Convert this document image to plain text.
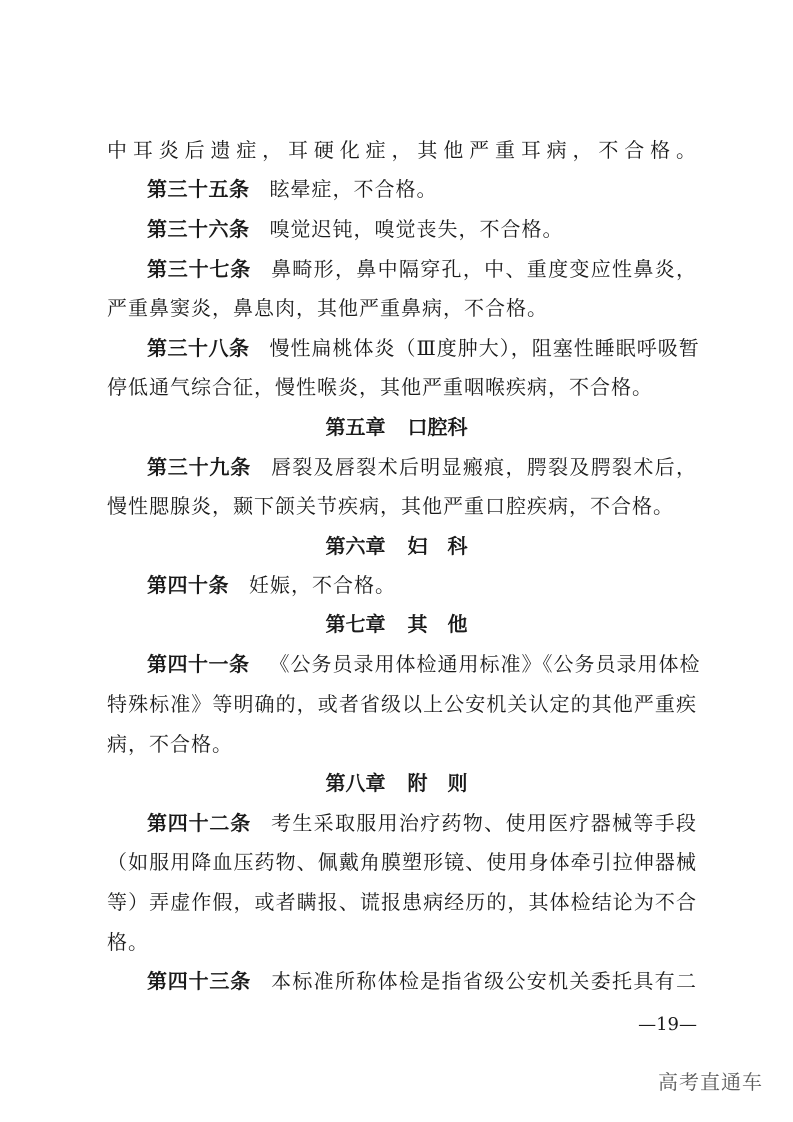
中耳炎后遗症，耳硬化症，其他严重耳病，不合格。
第三十五条 眩晕症，不合格。
第三十六条 嗅觉迟钝，嗅觉丧失，不合格。
第三十七条 鼻畸形，鼻中隔穿孔，中、重度变应性鼻炎，
严重鼻窦炎，鼻息肉，其他严重鼻病，不合格。
第三十八条 慢性扁桃体炎（Ⅲ度肿大），阻塞性睡眠呼吸暂
停低通气综合征，慢性喉炎，其他严重咽喉疾病，不合格。
第五章 口腔科
第三十九条 唇裂及唇裂术后明显瘢痕，腭裂及腭裂术后，
慢性腮腺炎，颞下颌关节疾病，其他严重口腔疾病，不合格。
第六章 妇　科
第四十条 妊娠，不合格。
第七章 其　他
第四十一条 《公务员录用体检通用标准》《公务员录用体检
特殊标准》等明确的，或者省级以上公安机关认定的其他严重疾
病，不合格。
第八章 附　则
第四十二条 考生采取服用治疗药物、使用医疗器械等手段
（如服用降血压药物、佩戴角膜塑形镜、使用身体牵引拉伸器械
等）弄虚作假，或者瞒报、谎报患病经历的，其体检结论为不合
格。
第四十三条 本标准所称体检是指省级公安机关委托具有二
—19—
高考直通车
